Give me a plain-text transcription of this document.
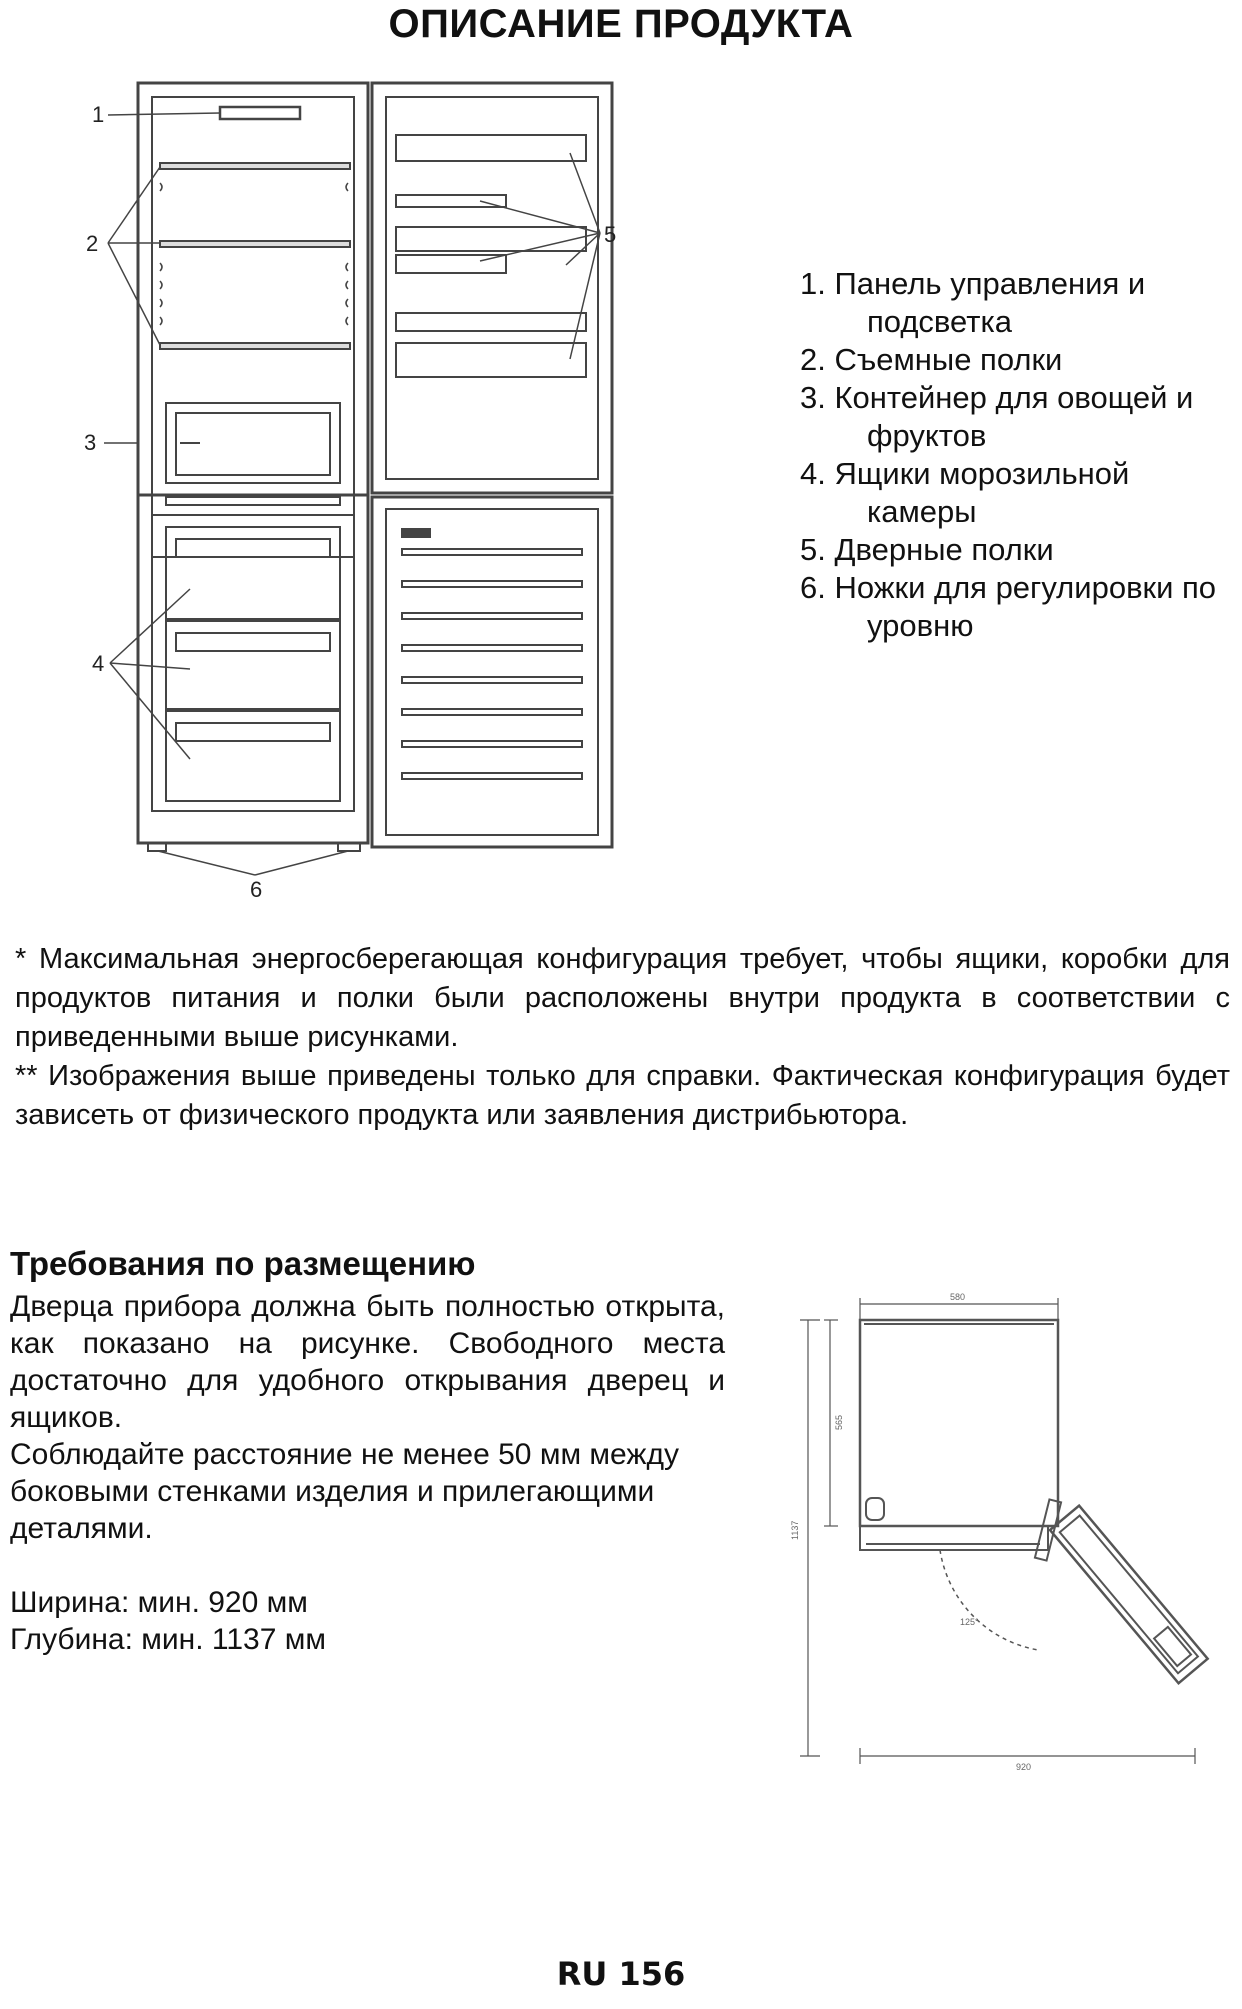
ОПИСАНИЕ ПРОДУКТА
1
2
3
4
5
6
1. Панель управления и подсветка
2. Съемные полки
3. Контейнер для овощей и фруктов
4. Ящики морозильной камеры
5. Дверные полки
6. Ножки для регулировки по уровню

* Максимальная энергосберегающая конфигурация требует, чтобы ящики, коробки для продуктов питания и полки были расположены внутри продукта в соответствии с приведенными выше рисунками.

** Изображения выше приведены только для справки. Фактическая конфигурация будет зависеть от физического продукта или заявления дистрибьютора.

Требования по размещению

Дверца прибора должна быть полностью открыта, как показано на рисунке. Свободного места достаточно для удобного открывания дверец и ящиков.

Соблюдайте расстояние не менее 50 мм между боковыми стенками изделия и прилегающими деталями.

Ширина: мин. 920 мм

Глубина: мин. 1137 мм

580
920
565
1137
125°
RU 156
